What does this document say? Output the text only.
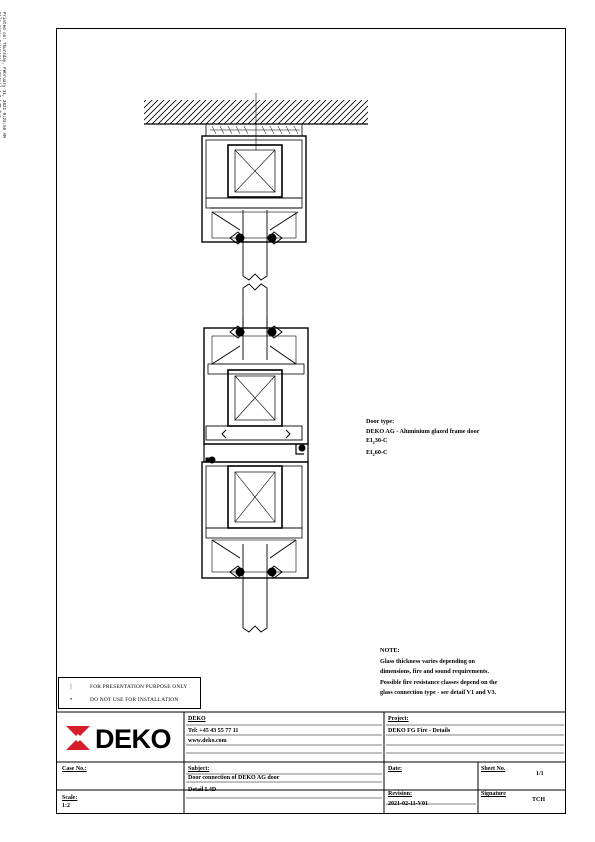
Printed on: Thursday, February 11, 2021 9:23:55 AM

DEKO
Door type:
DEKO AG - Aluminium glazed frame door
$EI_230-C$
$EI_260-C$
NOTE:
Glass thickness varies depending on
dimensions, fire and sound requirements.
Possible fire resistance classes depend on the
glass connection type - see detail V1 and V3.
|	FOR PRESENTATION PURPOSE ONLY
•	DO NOT USE FOR INSTALLATION
DEKO
Tel: +45 43 55 77 11
www.deko.com
Project:
DEKO FG Fire - Details
Case No.:	Subject:
Door connection of DEKO AG door
Detail L4D
Date:	Sheet No.
1/1
Scale:
1:2
Revision:
2021-02-11-V01
Signature
TCH
